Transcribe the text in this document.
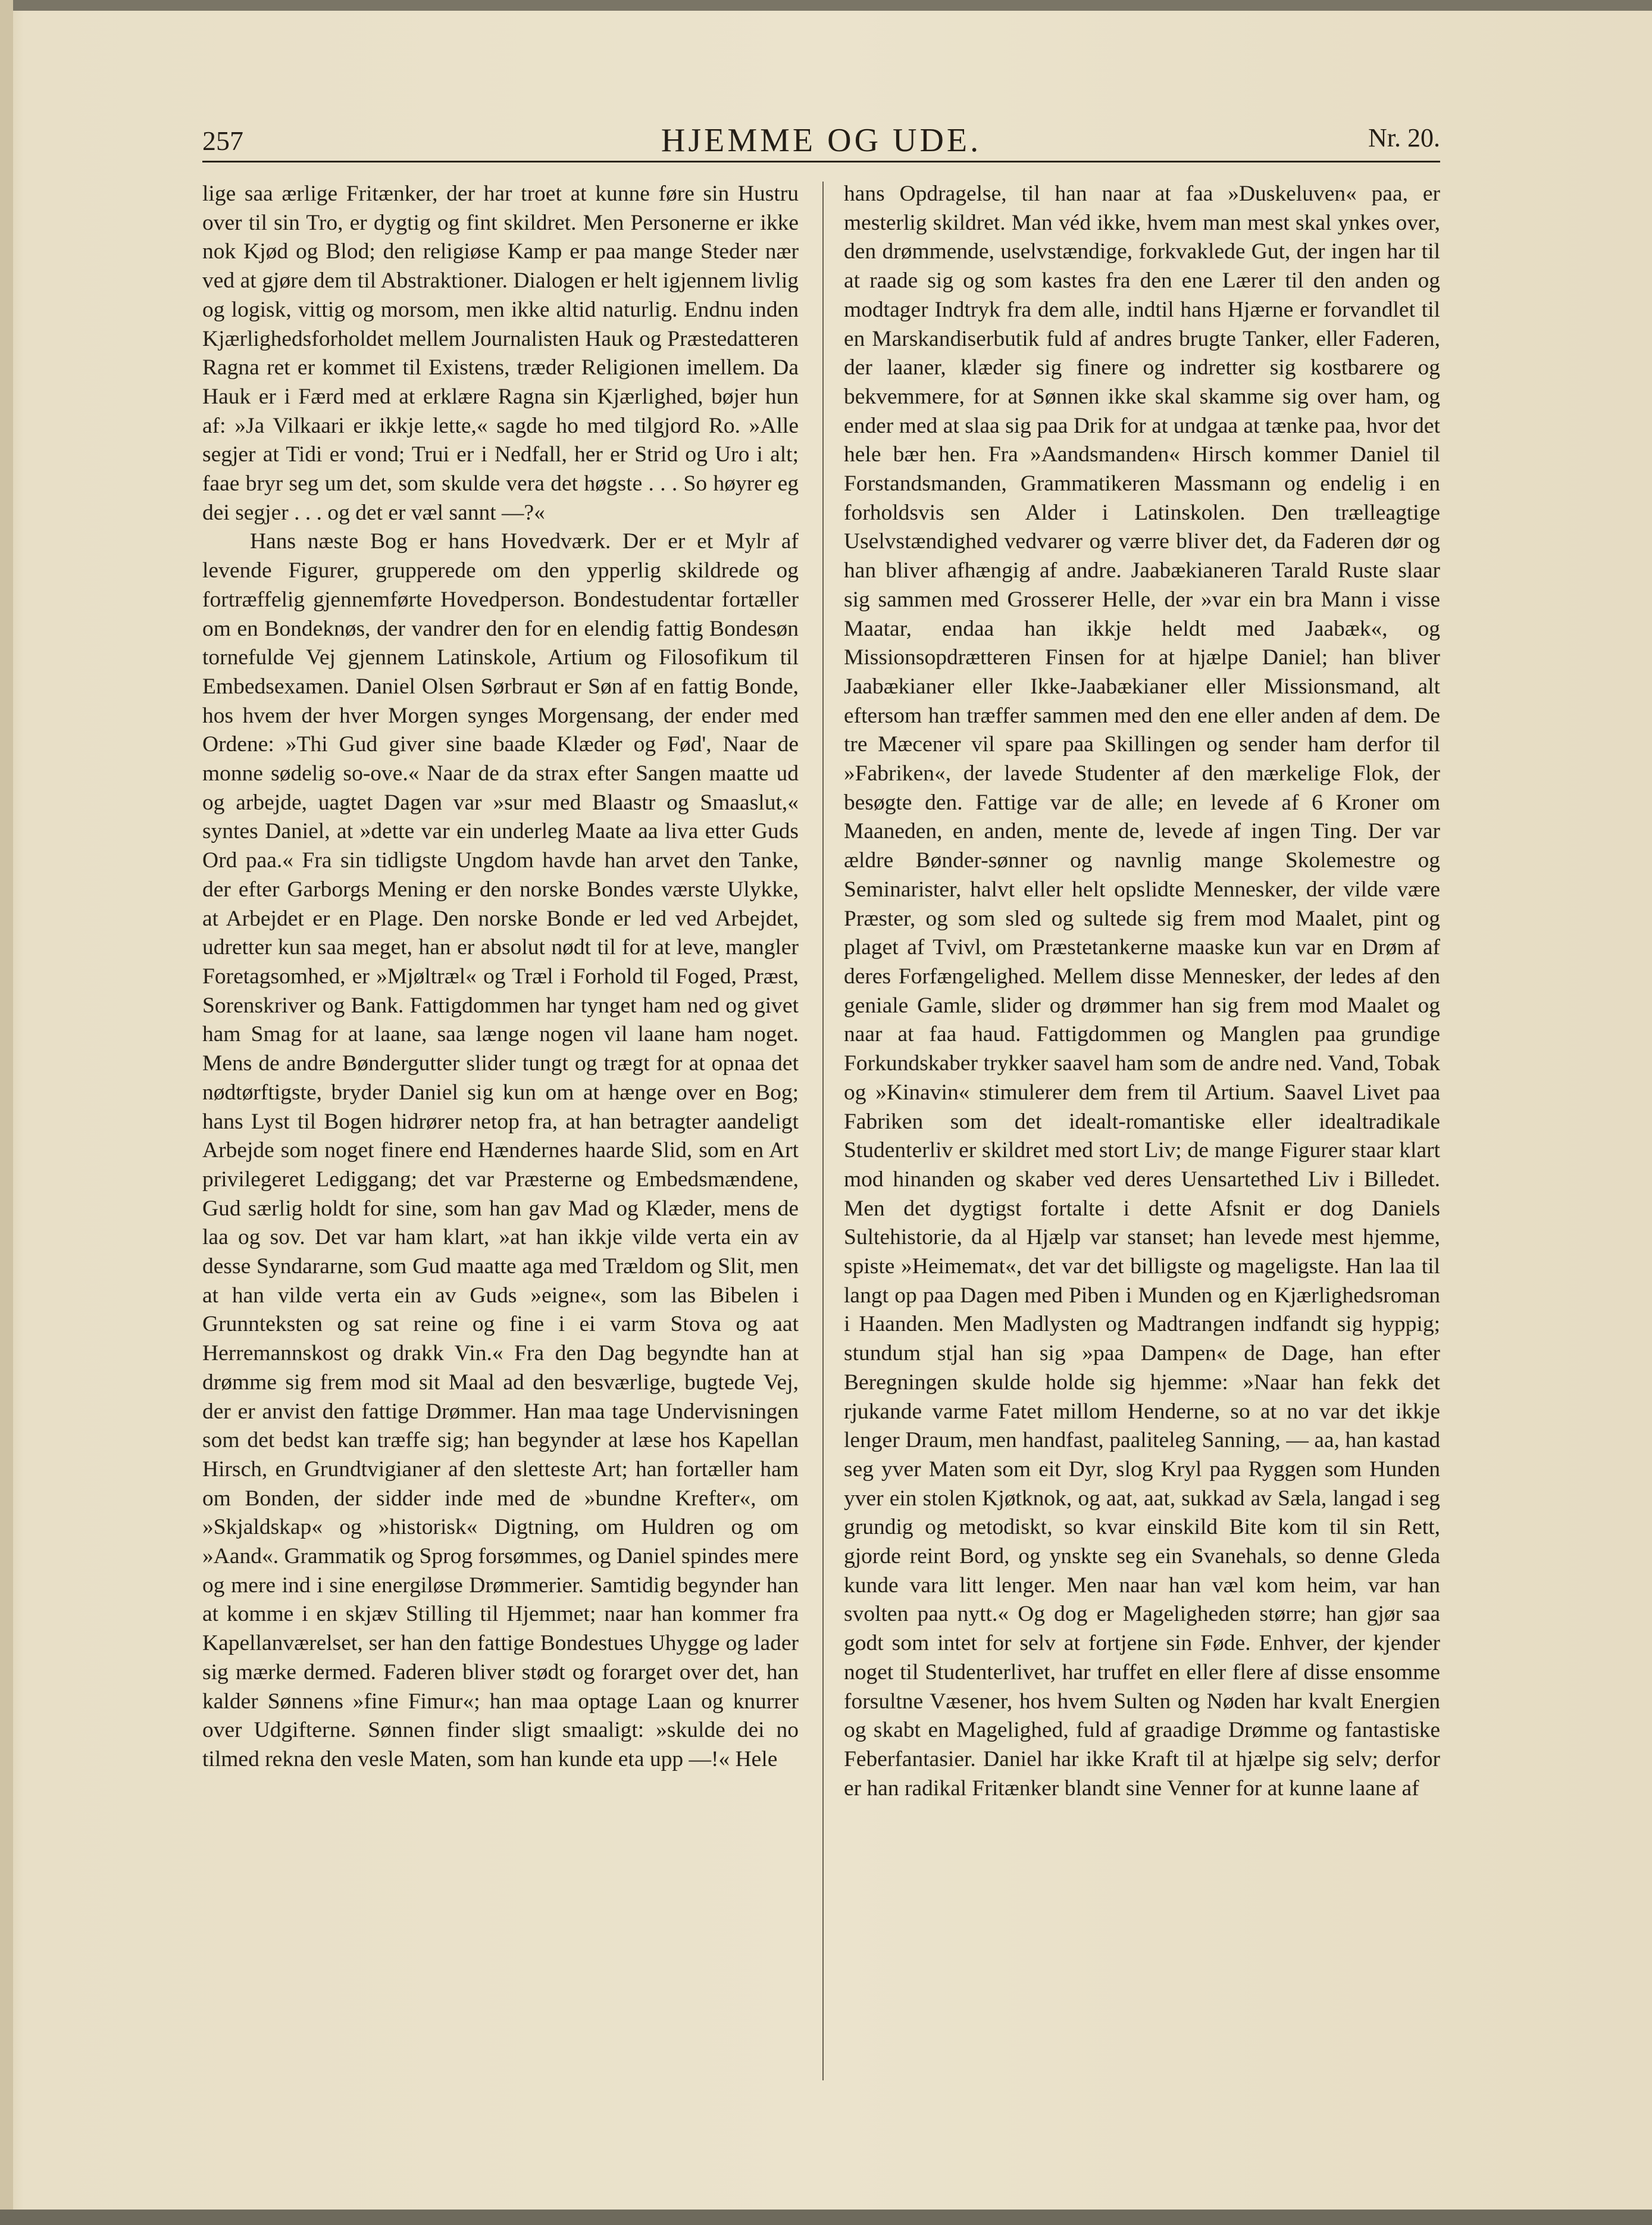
257	HJEMME OG UDE.	Nr. 20.

lige saa ærlige Fritænker, der har troet at kunne føre sin Hustru over til sin Tro, er dygtig og fint skildret. Men Personerne er ikke nok Kjød og Blod; den religiøse Kamp er paa mange Steder nær ved at gjøre dem til Abstraktioner. Dialogen er helt igjennem livlig og logisk, vittig og morsom, men ikke altid naturlig. Endnu inden Kjærlighedsforholdet mellem Journalisten Hauk og Præstedatteren Ragna ret er kommet til Existens, træder Religionen imellem. Da Hauk er i Færd med at erklære Ragna sin Kjærlighed, bøjer hun af: »Ja Vilkaari er ikkje lette,« sagde ho med tilgjord Ro. »Alle segjer at Tidi er vond; Trui er i Nedfall, her er Strid og Uro i alt; faae bryr seg um det, som skulde vera det høgste . . . So høyrer eg dei segjer . . . og det er væl sannt —?«

Hans næste Bog er hans Hovedværk. Der er et Mylr af levende Figurer, grupperede om den ypperlig skildrede og fortræffelig gjennemførte Hovedperson. Bondestudentar fortæller om en Bondeknøs, der vandrer den for en elendig fattig Bondesøn tornefulde Vej gjennem Latinskole, Artium og Filosofikum til Embedsexamen. Daniel Olsen Sørbraut er Søn af en fattig Bonde, hos hvem der hver Morgen synges Morgensang, der ender med Ordene: »Thi Gud giver sine baade Klæder og Fød', Naar de monne sødelig so-ove.« Naar de da strax efter Sangen maatte ud og arbejde, uagtet Dagen var »sur med Blaastr og Smaaslut,« syntes Daniel, at »dette var ein underleg Maate aa liva etter Guds Ord paa.« Fra sin tidligste Ungdom havde han arvet den Tanke, der efter Garborgs Mening er den norske Bondes værste Ulykke, at Arbejdet er en Plage. Den norske Bonde er led ved Arbejdet, udretter kun saa meget, han er absolut nødt til for at leve, mangler Foretagsomhed, er »Mjøltræl« og Træl i Forhold til Foged, Præst, Sorenskriver og Bank. Fattigdommen har tynget ham ned og givet ham Smag for at laane, saa længe nogen vil laane ham noget. Mens de andre Bøndergutter slider tungt og trægt for at opnaa det nødtørftigste, bryder Daniel sig kun om at hænge over en Bog; hans Lyst til Bogen hidrører netop fra, at han betragter aandeligt Arbejde som noget finere end Hændernes haarde Slid, som en Art privilegeret Lediggang; det var Præsterne og Embedsmændene, Gud særlig holdt for sine, som han gav Mad og Klæder, mens de laa og sov. Det var ham klart, »at han ikkje vilde verta ein av desse Syndararne, som Gud maatte aga med Trældom og Slit, men at han vilde verta ein av Guds »eigne«, som las Bibelen i Grunnteksten og sat reine og fine i ei varm Stova og aat Herremannskost og drakk Vin.« Fra den Dag begyndte han at drømme sig frem mod sit Maal ad den besværlige, bugtede Vej, der er anvist den fattige Drømmer. Han maa tage Undervisningen som det bedst kan træffe sig; han begynder at læse hos Kapellan Hirsch, en Grundtvigianer af den sletteste Art; han fortæller ham om Bonden, der sidder inde med de »bundne Krefter«, om »Skjaldskap« og »historisk« Digtning, om Huldren og om »Aand«. Grammatik og Sprog forsømmes, og Daniel spindes mere og mere ind i sine energiløse Drømmerier. Samtidig begynder han at komme i en skjæv Stilling til Hjemmet; naar han kommer fra Kapellanværelset, ser han den fattige Bondestues Uhygge og lader sig mærke dermed. Faderen bliver stødt og forarget over det, han kalder Sønnens »fine Fimur«; han maa optage Laan og knurrer over Udgifterne. Sønnen finder sligt smaaligt: »skulde dei no tilmed rekna den vesle Maten, som han kunde eta upp —!« Hele

hans Opdragelse, til han naar at faa »Duskeluven« paa, er mesterlig skildret. Man véd ikke, hvem man mest skal ynkes over, den drømmende, uselvstændige, forkvaklede Gut, der ingen har til at raade sig og som kastes fra den ene Lærer til den anden og modtager Indtryk fra dem alle, indtil hans Hjærne er forvandlet til en Marskandiserbutik fuld af andres brugte Tanker, eller Faderen, der laaner, klæder sig finere og indretter sig kostbarere og bekvemmere, for at Sønnen ikke skal skamme sig over ham, og ender med at slaa sig paa Drik for at undgaa at tænke paa, hvor det hele bær hen. Fra »Aandsmanden« Hirsch kommer Daniel til Forstandsmanden, Grammatikeren Massmann og endelig i en forholdsvis sen Alder i Latinskolen. Den trælleagtige Uselvstændighed vedvarer og værre bliver det, da Faderen dør og han bliver afhængig af andre. Jaabækianeren Tarald Ruste slaar sig sammen med Grosserer Helle, der »var ein bra Mann i visse Maatar, endaa han ikkje heldt med Jaabæk«, og Missionsopdrætteren Finsen for at hjælpe Daniel; han bliver Jaabækianer eller Ikke-Jaabækianer eller Missionsmand, alt eftersom han træffer sammen med den ene eller anden af dem. De tre Mæcener vil spare paa Skillingen og sender ham derfor til »Fabriken«, der lavede Studenter af den mærkelige Flok, der besøgte den. Fattige var de alle; en levede af 6 Kroner om Maaneden, en anden, mente de, levede af ingen Ting. Der var ældre Bønder-sønner og navnlig mange Skolemestre og Seminarister, halvt eller helt opslidte Mennesker, der vilde være Præster, og som sled og sultede sig frem mod Maalet, pint og plaget af Tvivl, om Præstetankerne maaske kun var en Drøm af deres Forfængelighed. Mellem disse Mennesker, der ledes af den geniale Gamle, slider og drømmer han sig frem mod Maalet og naar at faa haud. Fattigdommen og Manglen paa grundige Forkundskaber trykker saavel ham som de andre ned. Vand, Tobak og »Kinavin« stimulerer dem frem til Artium. Saavel Livet paa Fabriken som det idealt-romantiske eller idealtradikale Studenterliv er skildret med stort Liv; de mange Figurer staar klart mod hinanden og skaber ved deres Uensartethed Liv i Billedet. Men det dygtigst fortalte i dette Afsnit er dog Daniels Sultehistorie, da al Hjælp var stanset; han levede mest hjemme, spiste »Heimemat«, det var det billigste og mageligste. Han laa til langt op paa Dagen med Piben i Munden og en Kjærlighedsroman i Haanden. Men Madlysten og Madtrangen indfandt sig hyppig; stundum stjal han sig »paa Dampen« de Dage, han efter Beregningen skulde holde sig hjemme: »Naar han fekk det rjukande varme Fatet millom Henderne, so at no var det ikkje lenger Draum, men handfast, paaliteleg Sanning, — aa, han kastad seg yver Maten som eit Dyr, slog Kryl paa Ryggen som Hunden yver ein stolen Kjøtknok, og aat, aat, sukkad av Sæla, langad i seg grundig og metodiskt, so kvar einskild Bite kom til sin Rett, gjorde reint Bord, og ynskte seg ein Svanehals, so denne Gleda kunde vara litt lenger. Men naar han væl kom heim, var han svolten paa nytt.« Og dog er Mageligheden større; han gjør saa godt som intet for selv at fortjene sin Føde. Enhver, der kjender noget til Studenterlivet, har truffet en eller flere af disse ensomme forsultne Væsener, hos hvem Sulten og Nøden har kvalt Energien og skabt en Magelighed, fuld af graadige Drømme og fantastiske Feberfantasier. Daniel har ikke Kraft til at hjælpe sig selv; derfor er han radikal Fritænker blandt sine Venner for at kunne laane af
